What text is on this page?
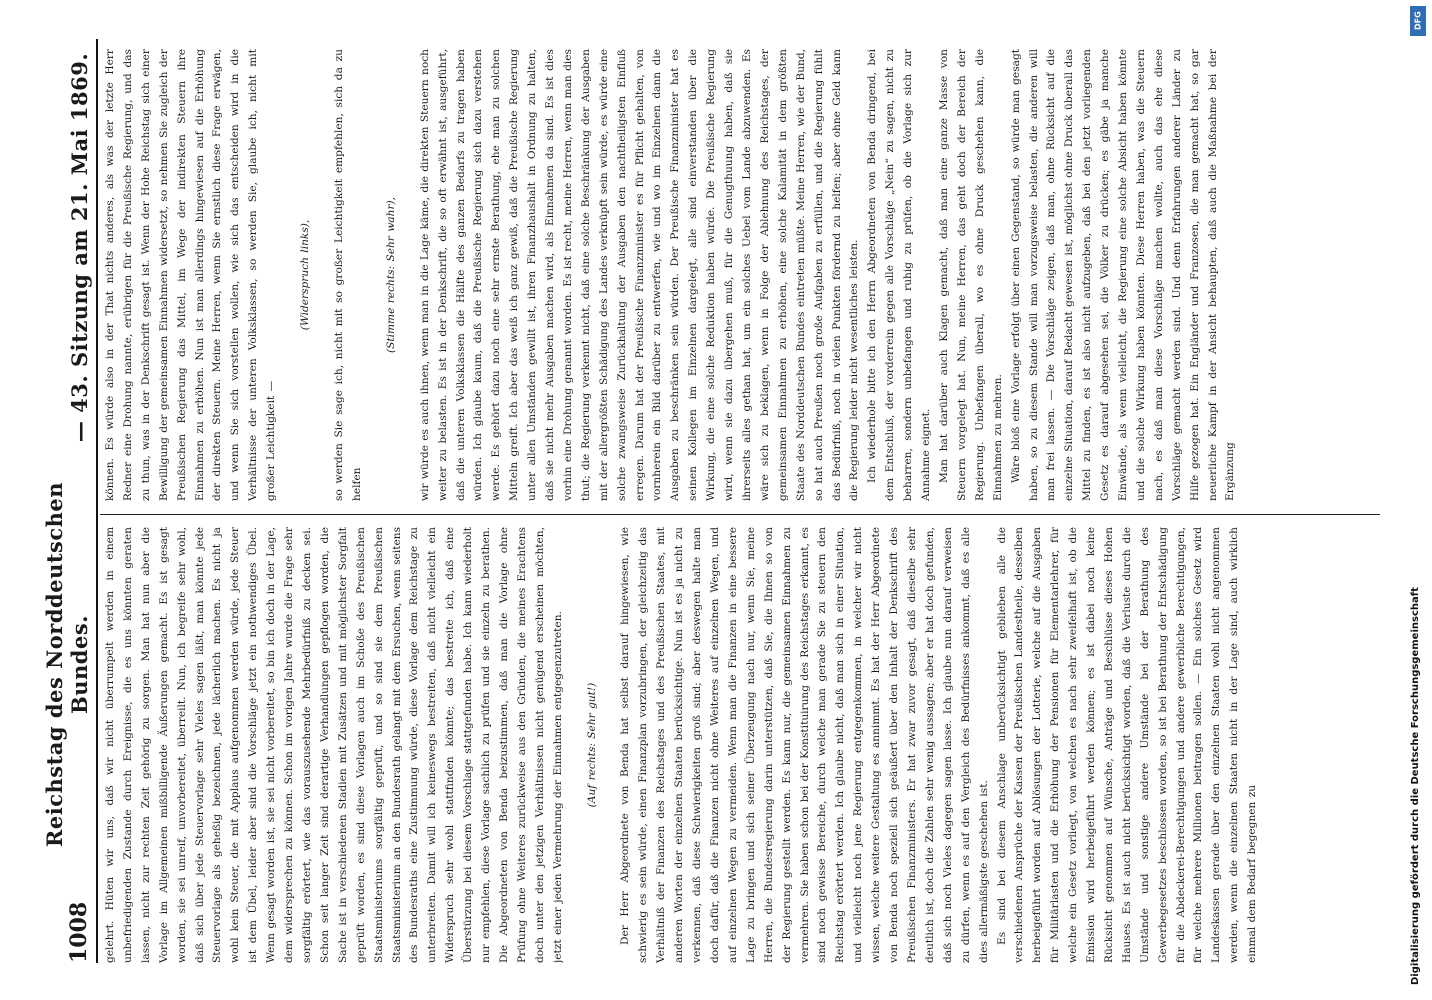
1008
Reichstag des Norddeutschen Bundes.
— 43. Sitzung am 21. Mai 1869.

gelehrt. Hüten wir uns, daß wir nicht überrumpelt werden in einem unbefriedigenden Zustande durch Ereignisse, die es uns könnten geraten lassen, nicht zur rechten Zeit gehörig zu sorgen. Man hat nun aber die Vorlage im Allgemeinen mißbilligende Äußerungen gemacht. Es ist gesagt worden, sie sei unreif, unvorbereitet, überreilt. Nun, ich begreife sehr wohl, daß sich über jede Steuervorlage sehr Vieles sagen läßt, man könnte jede Steuervorlage als geheßig bezeichnen, jede lächerlich machen. Es nicht ja wohl kein Steuer, die mit Applaus aufgenommen werden würde, jede Steuer ist dem Übel, leider aber sind die Vorschläge jetzt ein nothwendiges Übel. Wenn gesagt worden ist, sie sei nicht vorbereitet, so bin ich doch in der Lage, dem widersprechen zu können. Schon im vorigen Jahre wurde die Frage sehr sorgfältig erörtert, wie das vorauszusehende Mehrbedürfniß zu decken sei. Schon seit langer Zeit sind derartige Verhandlungen gepflogen worden, die Sache ist in verschiedenen Stadien mit Zusätzen und mit möglichster Sorgfalt geprüft worden, es sind diese Vorlagen auch im Schoße des Preußischen Staatsministeriums sorgfältig geprüft, und so sind sie dem Preußischen Staatsministerium an den Bundesrath gelangt mit dem Ersuchen, wenn seitens des Bundesraths eine Zustimmung würde, diese Vorlage dem Reichstage zu unterbreiten. Damit will ich keineswegs bestreiten, daß nicht vielleicht ein Widerspruch sehr wohl stattfinden könnte; das bestreite ich, daß eine Überstürzung bei diesem Vorschlage stattgefunden habe. Ich kann wiederholt nur empfehlen, diese Vorlage sachlich zu prüfen und sie einzeln zu berathen. Die Abgeordneten von Benda beizustimmen, daß man die Vorlage ohne Prüfung ohne Weiteres zurückweise aus den Gründen, die meines Erachtens doch unter den jetzigen Verhältnissen nicht genügend erscheinen möchten, jetzt einer jeden Vermehrung der Einnahmen entgegenzutreten.	(Auf rechts: Sehr gut!)	Der Herr Abgeordnete von Benda hat selbst darauf hingewiesen, wie schwierig es sein würde, einen Finanzplan vorzubringen, der gleichzeitig das Verhältniß der Finanzen des Reichstages und des Preußischen Staates, mit anderen Worten der einzelnen Staaten berücksichtige. Nun ist es ja nicht zu verkennen, daß diese Schwierigkeiten groß sind; aber deswegen halte man doch dafür, daß die Finanzen nicht ohne Weiteres auf einzelnen Wegen, und auf einzelnen Wegen zu vermeiden. Wenn man die Finanzen in eine bessere Lage zu bringen und sich seiner Überzeugung nach nur, wenn Sie, meine Herren, die Bundesregierung darin unterstützen, daß Sie, die Ihnen so von der Regierung gestellt werden. Es kann nur, die gemeinsamen Einnahmen zu vermehren. Sie haben schon bei der Konstituirung des Reichstages erkannt, es sind noch gewisse Bereiche, durch welche man gerade Sie zu steuern den Reichstag erörtert werden. Ich glaube nicht, daß man sich in einer Situation, und vielleicht noch jene Regierung entgegenkommen, in welcher wir nicht wissen, welche weitere Gestaltung es annimmt. Es hat der Herr Abgeordnete von Benda noch speziell sich geäußert über den Inhalt der Denkschrift des Preußischen Finanzministers. Er hat zwar zuvor gesagt, daß dieselbe sehr deutlich ist, doch die Zahlen sehr wenig aussagen; aber er hat doch gefunden, daß sich noch Vieles dagegen sagen lasse. Ich glaube nun darauf verweisen zu dürfen, wenn es auf den Vergleich des Bedürfnisses ankommt, daß es alle dies allermäßigste geschehen ist. Es sind bei diesem Anschlage unberücksichtigt geblieben alle die verschiedenen Ansprüche der Kassen der Preußischen Landestheile, desselben herbeigeführt worden auf Ablösungen der Lotterie, welche auf die Ausgaben für Militärlasten und die Erhöhung der Pensionen für Elementarlehrer, für welche ein Gesetz vorliegt, von welchen es nach sehr zweifelhaft ist, ob die Emission wird herbeigeführt werden können; es ist dabei noch keine Rücksicht genommen auf Wünsche, Anträge und Beschlüsse dieses Hohen Hauses. Es ist auch nicht berücksichtigt worden, daß die Verluste durch die Umstände und sonstige andere Umstände bei der Berathung des Gewerbegesetzes beschlossen worden, so ist bei Berathung der Entschädigung für die Abdeckerei-Berechtigungen und andere gewerbliche Berechtigungen, für welche mehrere Millionen beitragen sollen. — Ein solches Gesetz wird Landeskassen gerade über den einzelnen Staaten wohl nicht angenommen werden, wenn die einzelnen Staaten nicht in der Lage sind, auch wirklich einmal dem Bedarf begegnen zu

können. Es würde also in der That nichts anderes, als was der letzte Herr Redner eine Drohung nannte, erübrigen für die Preußische Regierung, und das zu thun, was in der Denkschrift gesagt ist. Wenn der Hohe Reichstag sich einer Bewilligung der gemeinsamen Einnahmen widersetzt, so nehmen Sie zugleich der Preußischen Regierung das Mittel, im Wege der indirekten Steuern ihre Einnahmen zu erhöhen. Nun ist man allerdings hingewiesen auf die Erhöhung der direkten Steuern. Meine Herren, wenn Sie ernstlich diese Frage erwägen, und wenn Sie sich vorstellen wollen, wie sich das entscheiden wird in die Verhältnisse der unteren Volksklassen, so werden Sie, glaube ich, nicht mit großer Leichtigkeit —

(Widerspruch links),	so werden Sie sage ich, nicht mit so großer Leichtigkeit empfehlen, sich da zu helfen

(Stimme rechts: Sehr wahr),	wir würde es auch ihnen, wenn man in die Lage käme, die direkten Steuern noch weiter zu belasten. Es ist in der Denkschrift, die so oft erwähnt ist, ausgeführt, daß die unteren Volksklassen die Hälfte des ganzen Bedarfs zu tragen haben würden. Ich glaube kaum, daß die Preußische Regierung sich dazu verstehen werde. Es gehört dazu noch eine sehr ernste Berathung, ehe man zu solchen Mitteln greift. Ich aber das weiß ich ganz gewiß, daß die Preußische Regierung unter allen Umständen gewillt ist, ihren Finanzhaushalt in Ordnung zu halten, daß sie nicht mehr Ausgaben machen wird, als Einnahmen da sind. Es ist dies vorhin eine Drohung genannt worden. Es ist recht, meine Herren, wenn man dies thut; die Regierung verkennt nicht, daß eine solche Beschränkung der Ausgaben mit der allergrößten Schädigung des Landes verknüpft sein würde, es würde eine solche zwangsweise Zurückhaltung der Ausgaben den nachtheiligsten Einfluß erregen. Darum hat der Preußische Finanzminister es für Pflicht gehalten, von vornherein ein Bild darüber zu entwerfen, wie und wo im Einzelnen dann die Ausgaben zu beschränken sein würden. Der Preußische Finanzminister hat es seinen Kollegen im Einzelnen dargelegt, alle sind einverstanden über die Wirkung, die eine solche Reduktion haben würde. Die Preußische Regierung wird, wenn sie dazu übergehen muß, für die Genugthuung haben, daß sie ihrerseits alles gethan hat, um ein solches Uebel vom Lande abzuwenden. Es wäre sich zu beklagen, wenn in Folge der Ablehnung des Reichstages, der gemeinsamen Einnahmen zu erhöhen, eine solche Kalamität in dem größten Staate des Norddeutschen Bundes eintreten müßte. Meine Herren, wie der Bund, so hat auch Preußen noch große Aufgaben zu erfüllen, und die Regierung fühlt das Bedürfniß, noch in vielen Punkten fördernd zu helfen; aber ohne Geld kann die Regierung leider nicht wesentliches leisten. Ich wiederhole bitte ich den Herrn Abgeordneten von Benda dringend, bei dem Entschluß, der vorderrein gegen alle Vorschläge „Nein“ zu sagen, nicht zu beharren, sondern unbefangen und ruhig zu prüfen, ob die Vorlage sich zur Annahme eignet. Man hat darüber auch Klagen gemacht, daß man eine ganze Masse von Steuern vorgelegt hat. Nun, meine Herren, das geht doch der Bereich der Regierung. Unbefangen überall, wo es ohne Druck geschehen kann, die Einnahmen zu mehren. Wäre bloß eine Vorlage erfolgt über einen Gegenstand, so würde man gesagt haben, so zu diesem Stande will man vorzugsweise belasten, die anderen will man frei lassen. — Die Vorschläge zeigen, daß man, ohne Rücksicht auf die einzelne Situation, darauf Bedacht gewesen ist, möglichst ohne Druck überall das Mittel zu finden, es ist also nicht aufzugeben, daß bei den jetzt vorliegenden Gesetz es darauf abgesehen sei, die Völker zu drücken; es gäbe ja manche Einwände, als wenn vielleicht, die Regierung eine solche Absicht haben könnte und die solche Wirkung haben könnten. Diese Herren haben, was die Steuern nach, es daß man diese Vorschläge machen wollte, auch das ehe diese Vorschläge gemacht werden sind. Und denn Erfahrungen anderer Länder zu Hilfe gezogen hat. Ein Engländer und Franzosen, die man gemacht hat, so gar neuerliche Kampf in der Ansicht behaupten, daß auch die Maßnahme bei der Ergänzung

Digitalisierung gefördert durch die Deutsche Forschungsgemeinschaft
DFG
